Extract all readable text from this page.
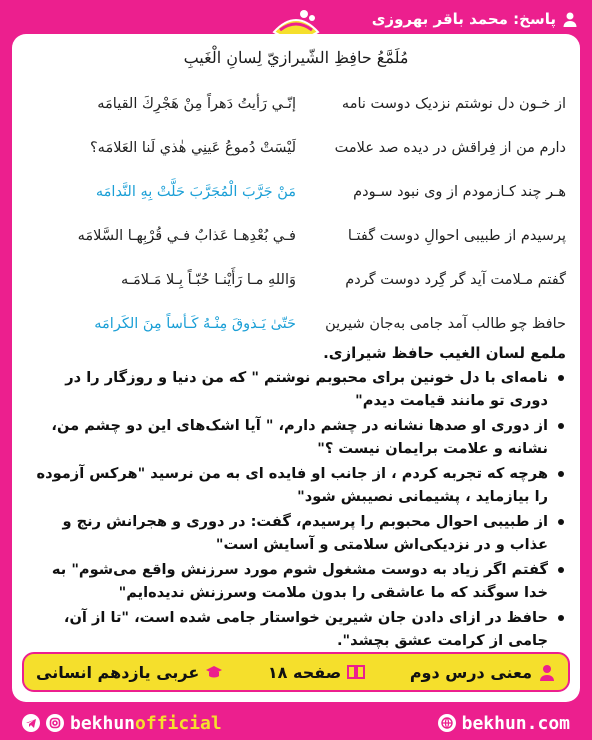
پاسخ: محمد باقر بهروزی
مُلَمَّعُ حافِظِ الشّیرازيّ لِسانِ الْغَیبِ
از خـون دل نوشتم نزدیک دوست نامه
إنّـي رَأیتُ دَهراً مِنْ هَجْرِكَ القیامَه
دارم من از فِراقش در دیده صد علامت
لَیْسَتْ دُموعُ عَینِي هٰذي لَنا العَلامَه؟
هـر چند کـازمودم از وی نبود سـودم
مَنْ جَرَّبَ الْمُجَرَّبَ حَلَّتْ بِهِ النَّدامَه
پرسیدم از طبیبی احوالِ دوست گفتـا
فـي بُعْدِهـا عَذابٌ فـي قُرْبِهـا السَّلامَه
گفتم مـلامت آید گر گِرد دوست گردم
وَاللهِ مـا رَأَیْنـا حُبّـاً بِـلا مَـلامَـه
حافظ چو طالب آمد جامی به‌جان شیرین
حَتّیٰ یَـذوقَ مِنْـهُ کَـأساً مِنَ الکَرامَه
ملمع لسان الغیب حافظ شیرازی.
نامه‌ای با دل خونین برای محبوبم نوشتم " که من دنیا و روزگار را در دوری تو مانند قیامت دیدم"
از دوری او صدها نشانه در چشم دارم، " آیا اشک‌های این دو چشم من، نشانه و علامت برایمان نیست ؟"
هرچه که تجربه کردم ، از جانب او فایده ای به من نرسید "هرکس آزموده را بیازماید ، پشیمانی نصیبش شود"
از طبیبی احوال محبوبم را پرسیدم، گفت: در دوری و هجرانش رنج و عذاب و در نزدیکی‌اش سلامتی و آسایش است"
گفتم اگر زیاد به دوست مشغول شوم مورد سرزنش واقع می‌شوم" به خدا سوگند که ما عاشقی را بدون ملامت وسرزنش ندیده‌ایم"
حافظ در ازای دادن جان شیرین خواستار جامی شده است، "تا از آن، جامی از کرامت عشق بچشد".
معنی درس دوم
صفحه ۱۸
عربی یازدهم انسانی
bekhunofficial	bekhun.com
